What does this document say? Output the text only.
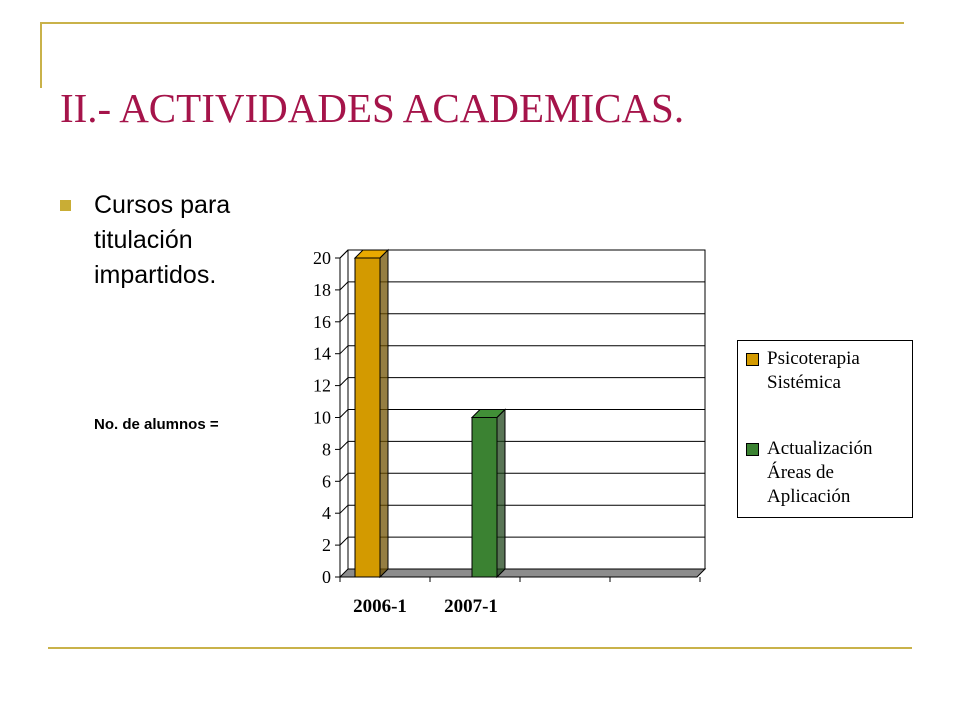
II.- ACTIVIDADES ACADEMICAS.
Cursos para titulación impartidos.
No. de alumnos =
0
2
4
6
8
10
12
14
16
18
20
2006-1 2007-1
Psicoterapia
Sistémica
Actualización
Áreas de
Aplicación
